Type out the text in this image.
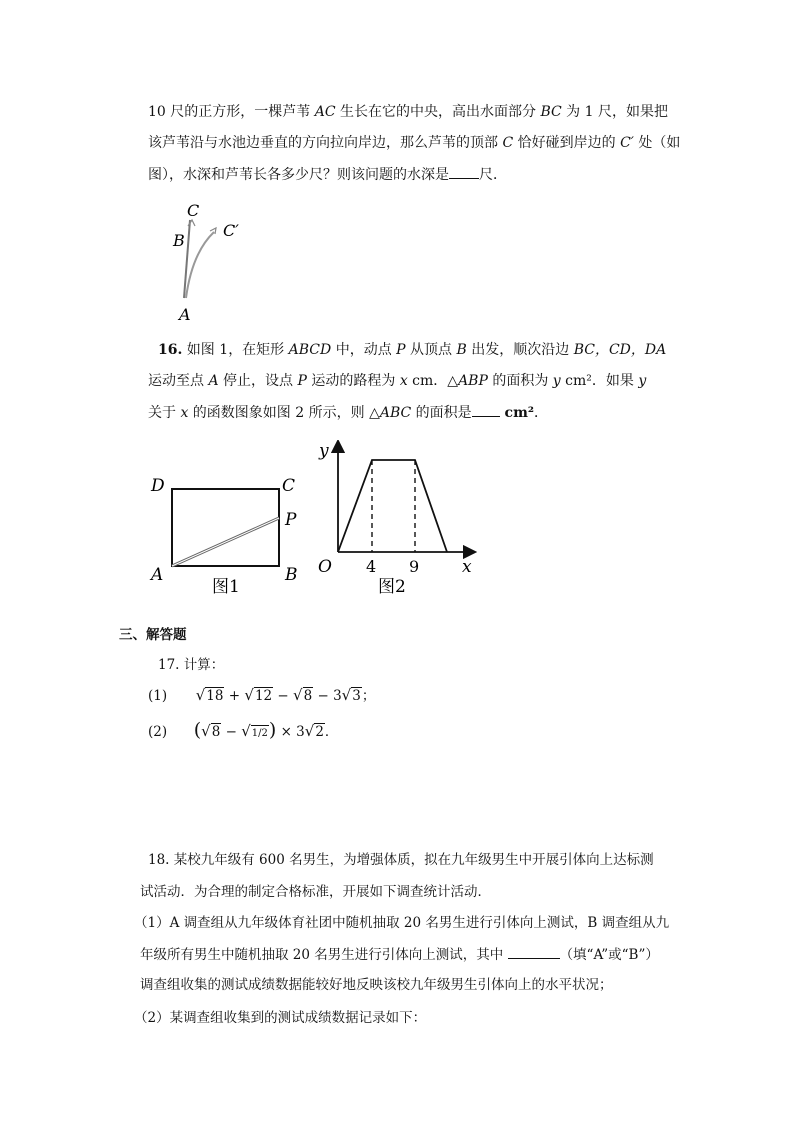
10 尺的正方形，一棵芦苇 AC 生长在它的中央，高出水面部分 BC 为 1 尺，如果把
该芦苇沿与水池边垂直的方向拉向岸边，那么芦苇的顶部 C 恰好碰到岸边的 C′ 处（如
图），水深和芦苇长各多少尺？则该问题的水深是 尺．
C
B
C′
A
16. 如图 1，在矩形 ABCD 中，动点 P 从顶点 B 出发，顺次沿边 BC，CD，DA
运动至点 A 停止，设点 P 运动的路程为 x cm．△ABP 的面积为 y cm²．如果 y
关于 x 的函数图象如图 2 所示，则 △ABC 的面积是 cm²．
D	C
P
A	B
图1
y
O 4 9	x
图2
三、解答题
17. 计算：
(1) √18 + √12 − √8 − 3√3；
(2) (√8 − √1/2) × 3√2．
18. 某校九年级有 600 名男生，为增强体质，拟在九年级男生中开展引体向上达标测
试活动．为合理的制定合格标准，开展如下调查统计活动．
（1）A 调查组从九年级体育社团中随机抽取 20 名男生进行引体向上测试，B 调查组从九
年级所有男生中随机抽取 20 名男生进行引体向上测试，其中	（填“A”或“B”）
调查组收集的测试成绩数据能较好地反映该校九年级男生引体向上的水平状况；
（2）某调查组收集到的测试成绩数据记录如下：
